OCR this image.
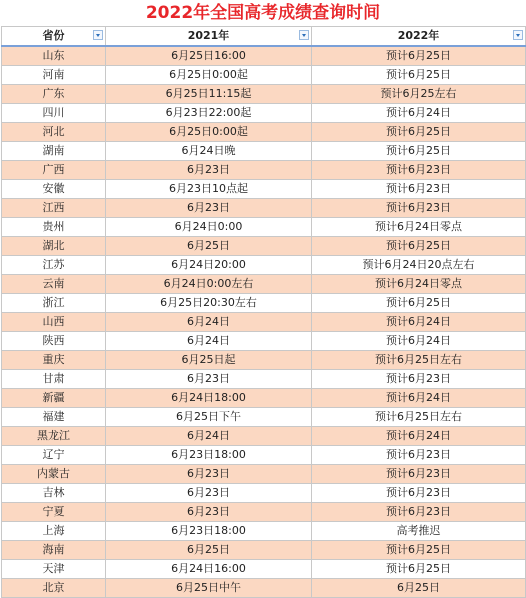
2022年全国高考成绩查询时间
省份	2021年	2022年

山东	6月25日16:00	预计6月25日
河南	6月25日0:00起	预计6月25日
广东	6月25日11:15起	预计6月25左右
四川	6月23日22:00起	预计6月24日
河北	6月25日0:00起	预计6月25日
湖南	6月24日晚	预计6月25日
广西	6月23日	预计6月23日
安徽	6月23日10点起	预计6月23日
江西	6月23日	预计6月23日
贵州	6月24日0:00	预计6月24日零点
湖北	6月25日	预计6月25日
江苏	6月24日20:00	预计6月24日20点左右
云南	6月24日0:00左右	预计6月24日零点
浙江	6月25日20:30左右	预计6月25日
山西	6月24日	预计6月24日
陕西	6月24日	预计6月24日
重庆	6月25日起	预计6月25日左右
甘肃	6月23日	预计6月23日
新疆	6月24日18:00	预计6月24日
福建	6月25日下午	预计6月25日左右
黑龙江	6月24日	预计6月24日
辽宁	6月23日18:00	预计6月23日
内蒙古	6月23日	预计6月23日
吉林	6月23日	预计6月23日
宁夏	6月23日	预计6月23日
上海	6月23日18:00	高考推迟
海南	6月25日	预计6月25日
天津	6月24日16:00	预计6月25日
北京	6月25日中午	6月25日
